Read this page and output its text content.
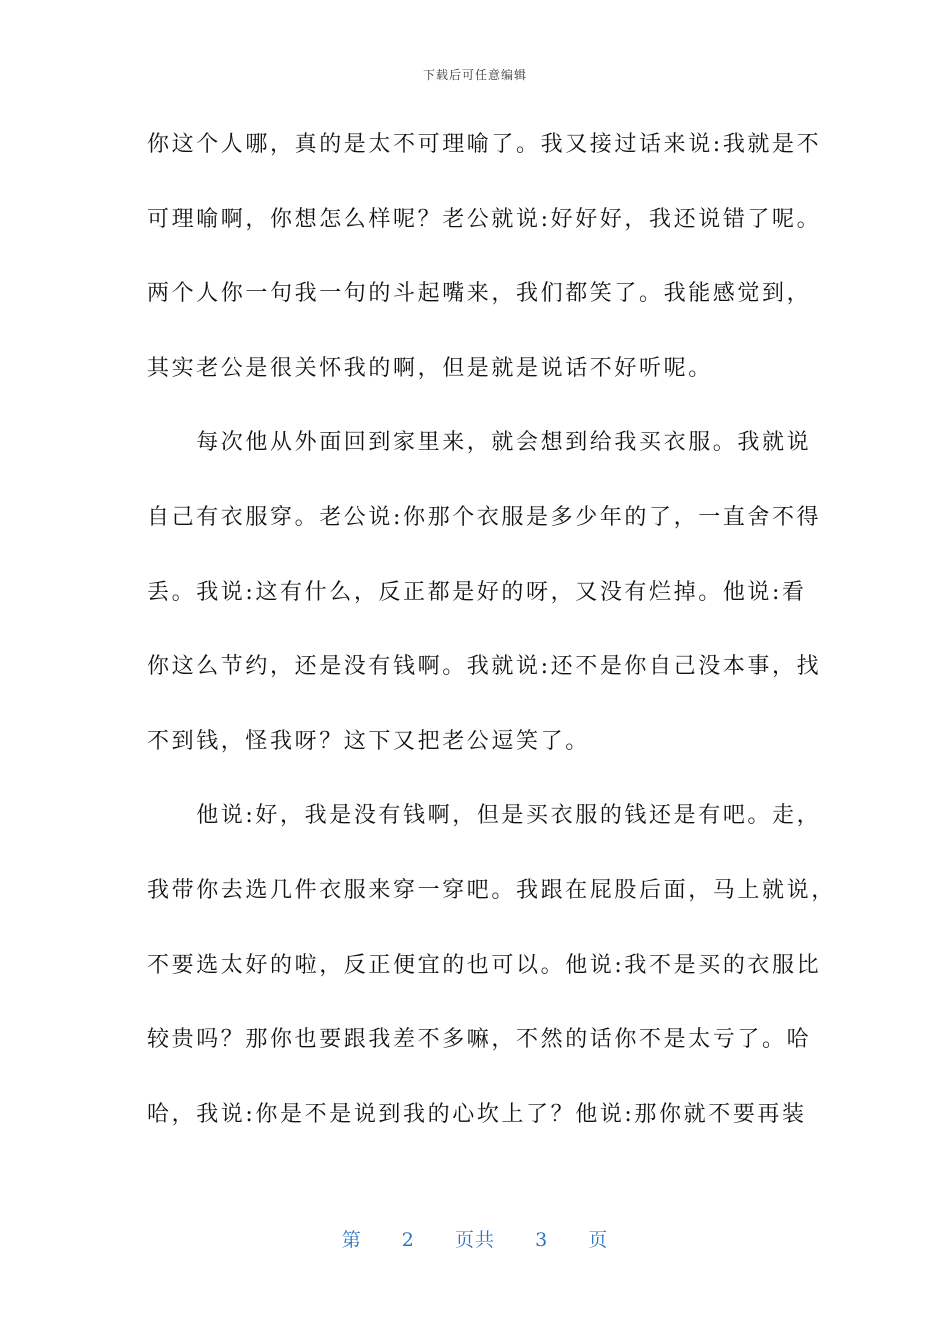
下载后可任意编辑
你这个人哪，真的是太不可理喻了。我又接过话来说:我就是不
可理喻啊，你想怎么样呢？老公就说:好好好，我还说错了呢。
两个人你一句我一句的斗起嘴来，我们都笑了。我能感觉到，
其实老公是很关怀我的啊，但是就是说话不好听呢。
　　每次他从外面回到家里来，就会想到给我买衣服。我就说
自己有衣服穿。老公说:你那个衣服是多少年的了，一直舍不得
丢。我说:这有什么，反正都是好的呀，又没有烂掉。他说:看
你这么节约，还是没有钱啊。我就说:还不是你自己没本事，找
不到钱，怪我呀？这下又把老公逗笑了。
　　他说:好，我是没有钱啊，但是买衣服的钱还是有吧。走，
我带你去选几件衣服来穿一穿吧。我跟在屁股后面，马上就说，
不要选太好的啦，反正便宜的也可以。他说:我不是买的衣服比
较贵吗？那你也要跟我差不多嘛，不然的话你不是太亏了。哈
哈，我说:你是不是说到我的心坎上了？他说:那你就不要再装
第 2 页共 3 页
